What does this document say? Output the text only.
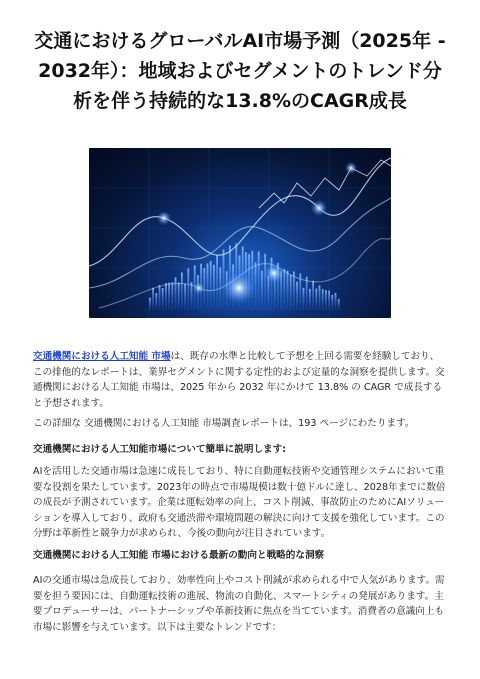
交通におけるグローバルAI市場予測（2025年 - 2032年）：地域およびセグメントのトレンド分析を伴う持続的な13.8%のCAGR成長
交通機関における人工知能 市場は、既存の水準と比較して予想を上回る需要を経験しており、この排他的なレポートは、業界セグメントに関する定性的および定量的な洞察を提供します。交通機関における人工知能 市場は、2025 年から 2032 年にかけて 13.8% の CAGR で成長すると予想されます。
この詳細な 交通機関における人工知能 市場調査レポートは、193 ページにわたります。
交通機関における人工知能市場について簡単に説明します:
AIを活用した交通市場は急速に成長しており、特に自動運転技術や交通管理システムにおいて重要な役割を果たしています。2023年の時点で市場規模は数十億ドルに達し、2028年までに数倍の成長が予測されています。企業は運転効率の向上、コスト削減、事故防止のためにAIソリューションを導入しており、政府も交通渋滞や環境問題の解決に向けて支援を強化しています。この分野は革新性と競争力が求められ、今後の動向が注目されています。
交通機関における人工知能 市場における最新の動向と戦略的な洞察
AIの交通市場は急成長しており、効率性向上やコスト削減が求められる中で人気があります。需要を担う要因には、自動運転技術の進展、物流の自動化、スマートシティの発展があります。主要プロデューサーは、パートナーシップや革新技術に焦点を当てています。消費者の意識向上も市場に影響を与えています。以下は主要なトレンドです：
